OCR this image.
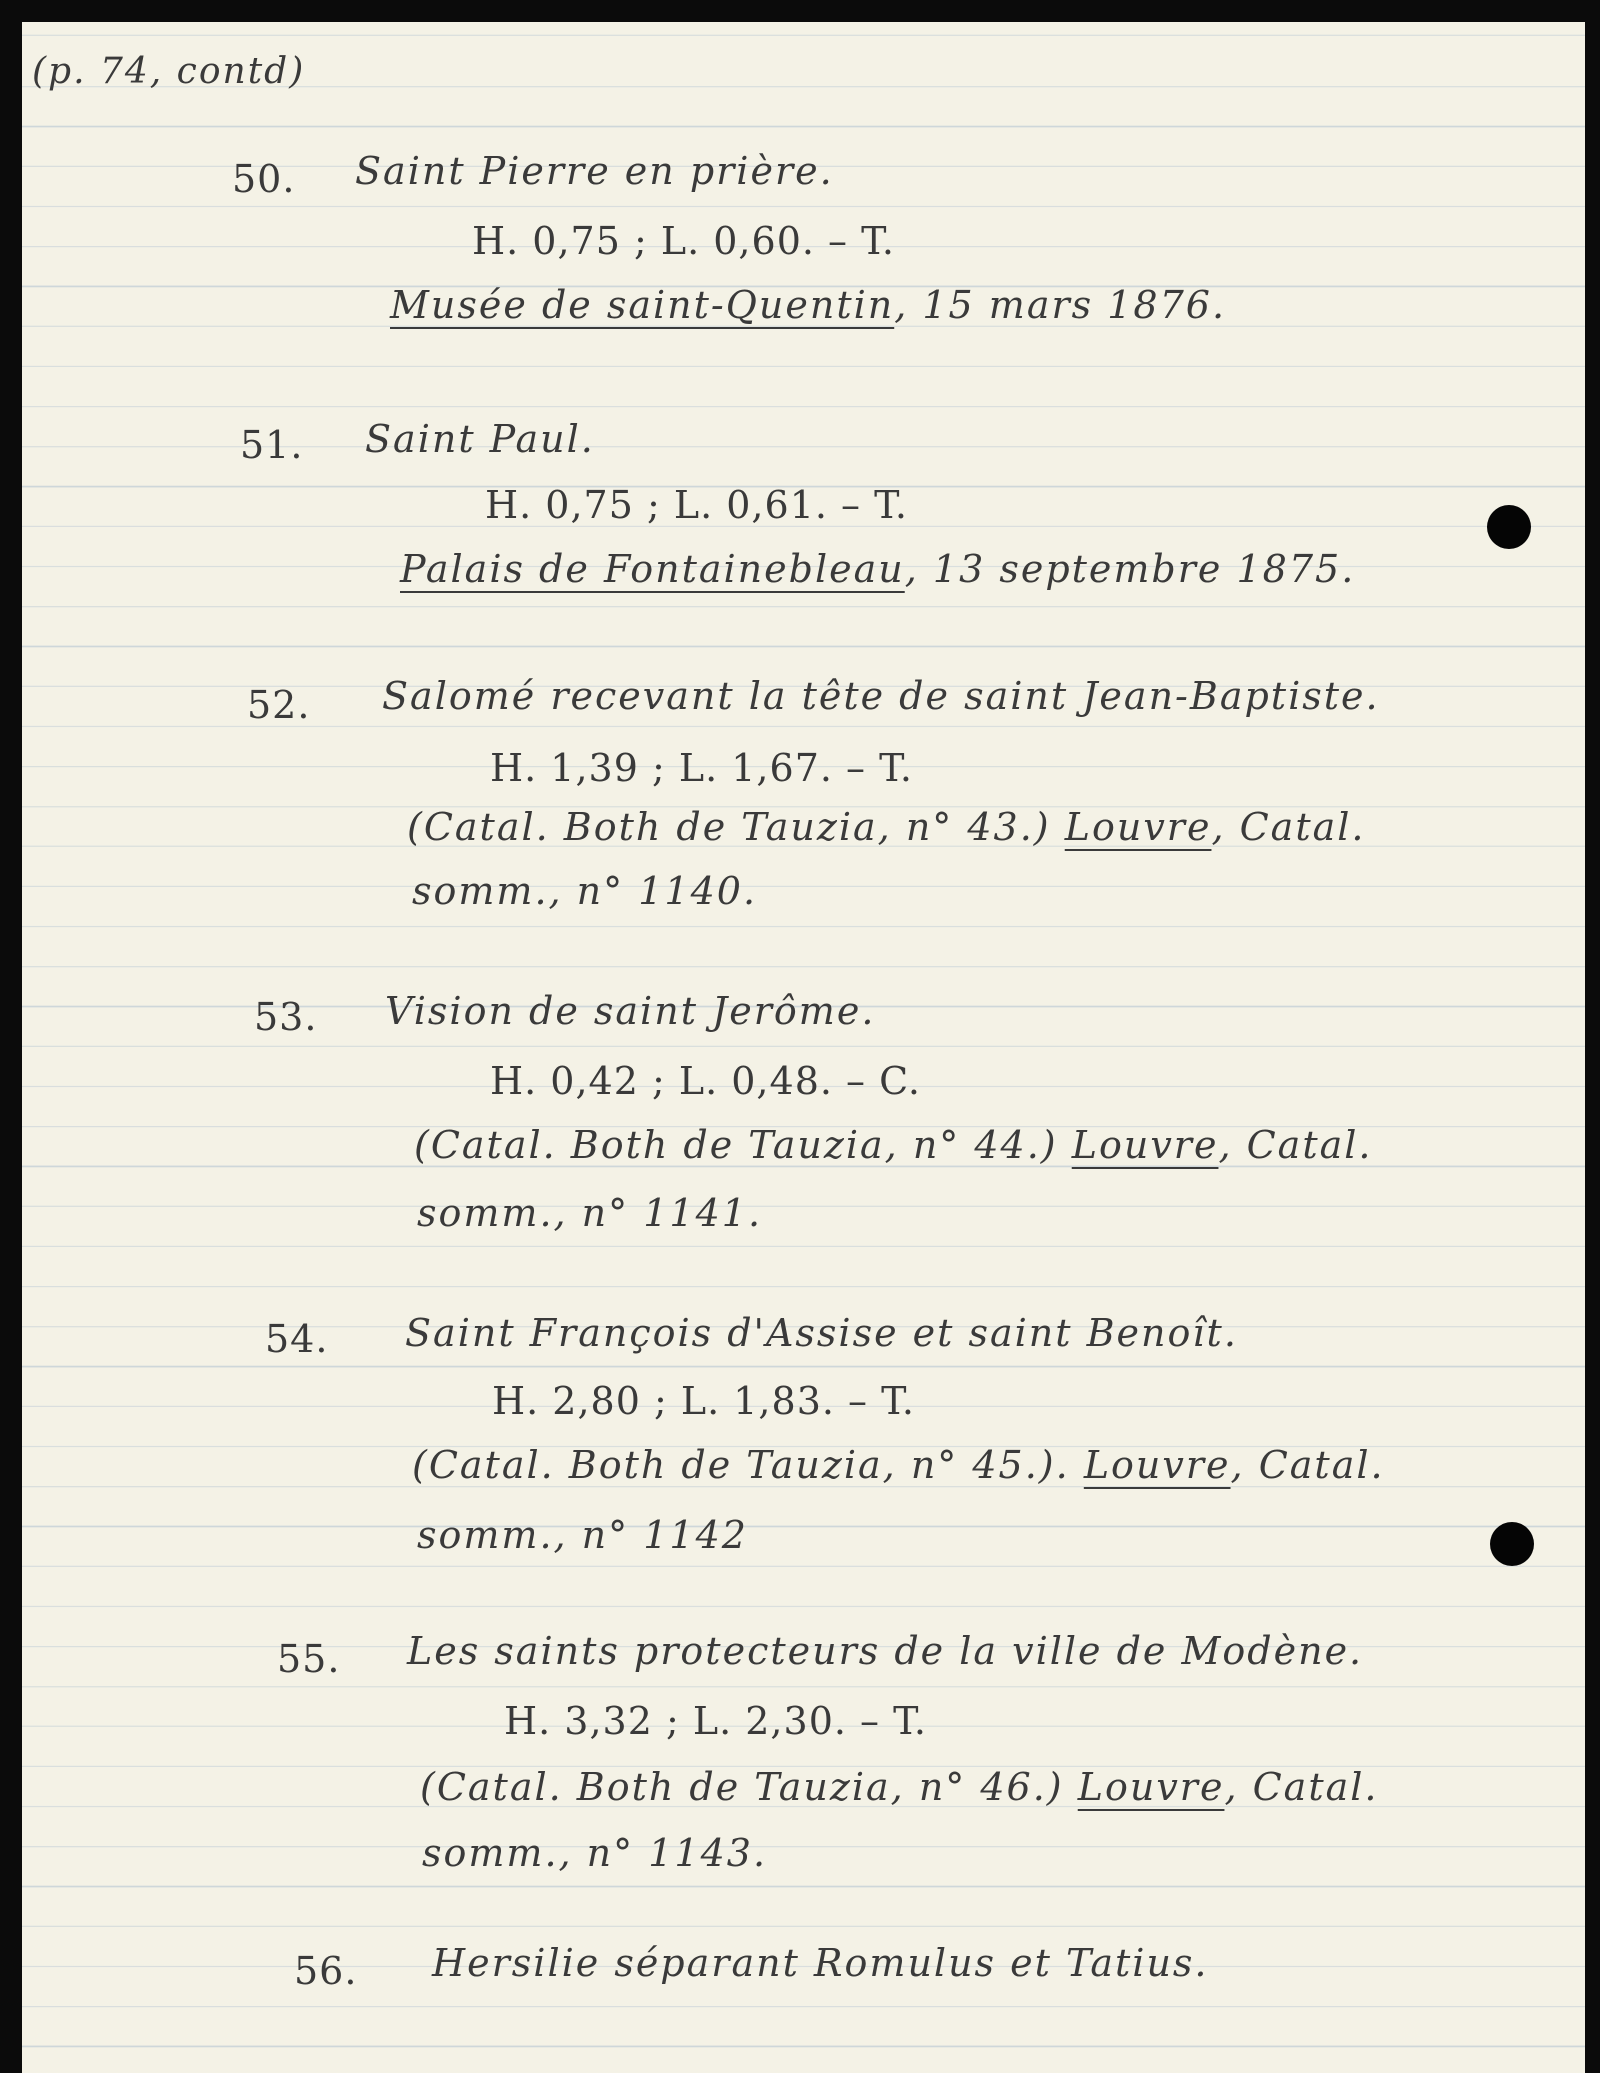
(p. 74, contd)
50. Saint Pierre en prière.
H. 0,75 ; L. 0,60. – T.
Musée de saint-Quentin, 15 mars 1876.
51. Saint Paul.
H. 0,75 ; L. 0,61. – T.
Palais de Fontainebleau, 13 septembre 1875.
52. Salomé recevant la tête de saint Jean-Baptiste.
H. 1,39 ; L. 1,67. – T.
(Catal. Both de Tauzia, n° 43.) Louvre, Catal.
somm., n° 1140.
53. Vision de saint Jerôme.
H. 0,42 ; L. 0,48. – C.
(Catal. Both de Tauzia, n° 44.) Louvre, Catal.
somm., n° 1141.
54. Saint François d'Assise et saint Benoît.
H. 2,80 ; L. 1,83. – T.
(Catal. Both de Tauzia, n° 45.). Louvre, Catal.
somm., n° 1142
55. Les saints protecteurs de la ville de Modène.
H. 3,32 ; L. 2,30. – T.
(Catal. Both de Tauzia, n° 46.) Louvre, Catal.
somm., n° 1143.
56. Hersilie séparant Romulus et Tatius.
